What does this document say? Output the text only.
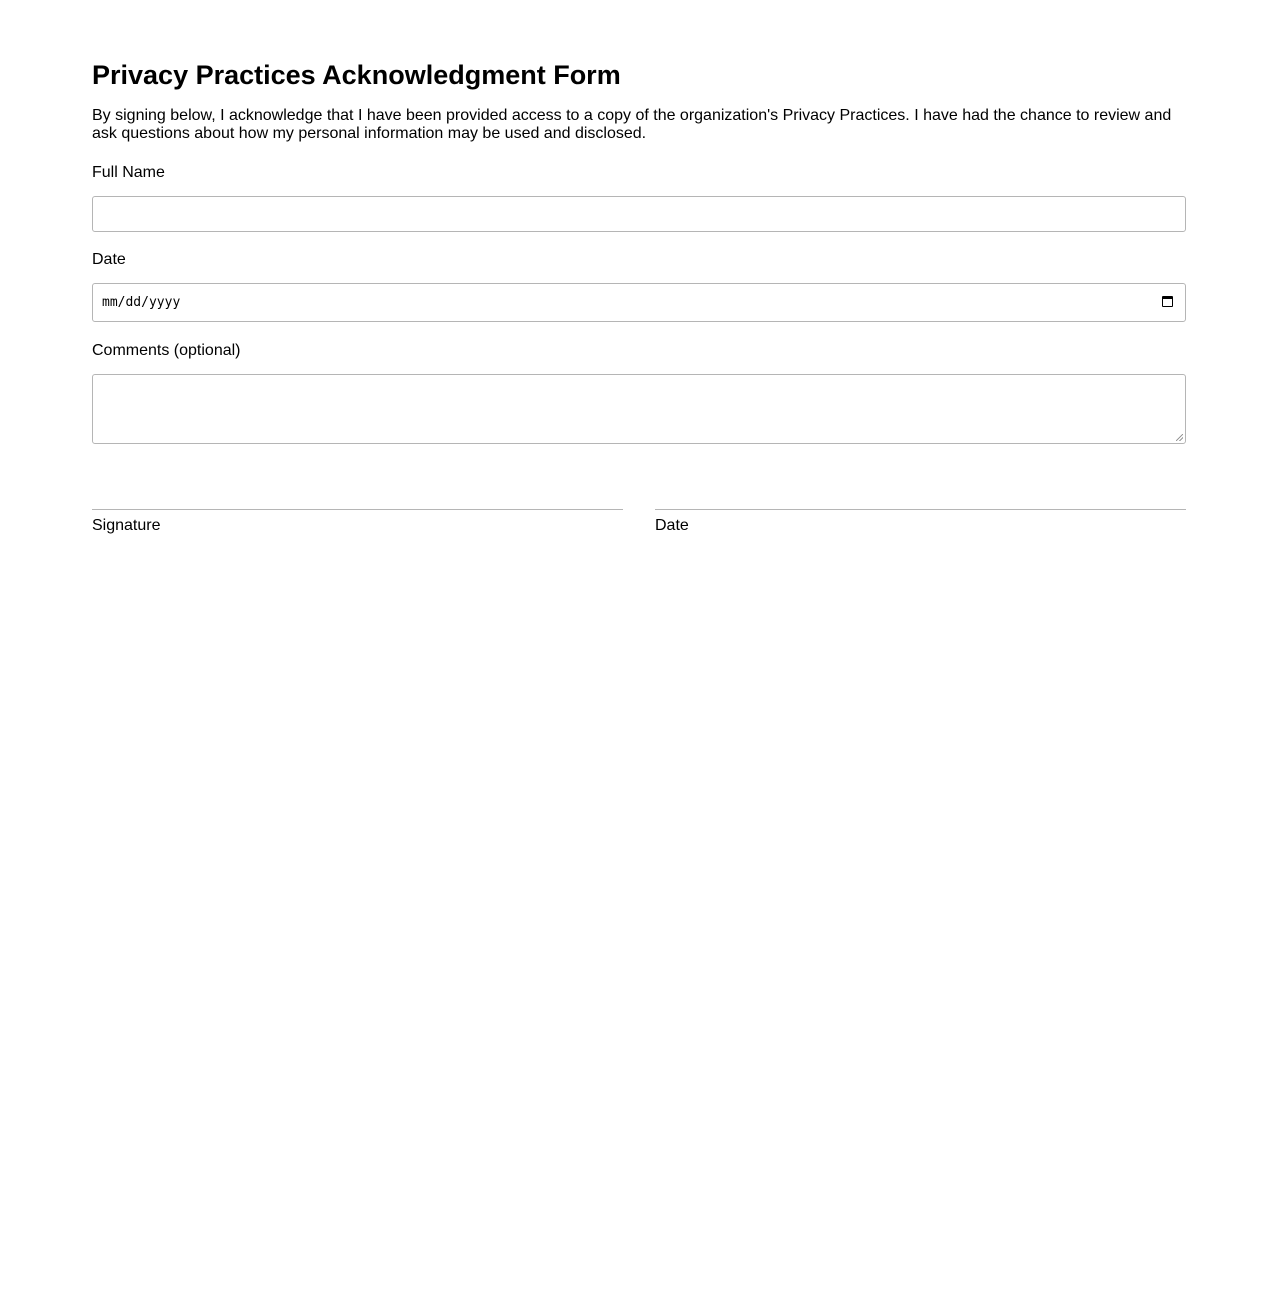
Privacy Practices Acknowledgment Form

By signing below, I acknowledge that I have been provided access to a copy of the organization's Privacy Practices. I have had the chance to review and ask questions about how my personal information may be used and disclosed.

Full Name
Date
mm/dd/yyyy
Comments (optional)
Signature	Date
